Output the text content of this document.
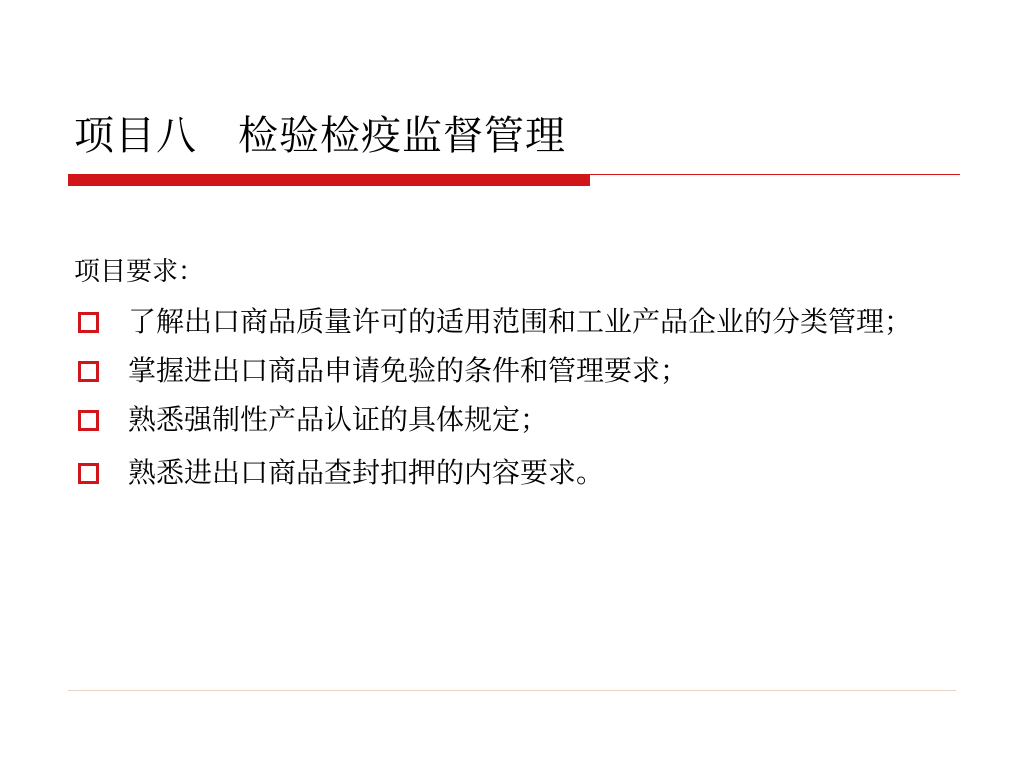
项目八　检验检疫监督管理
项目要求：
了解出口商品质量许可的适用范围和工业产品企业的分类管理；
掌握进出口商品申请免验的条件和管理要求；
熟悉强制性产品认证的具体规定；
熟悉进出口商品查封扣押的内容要求。
